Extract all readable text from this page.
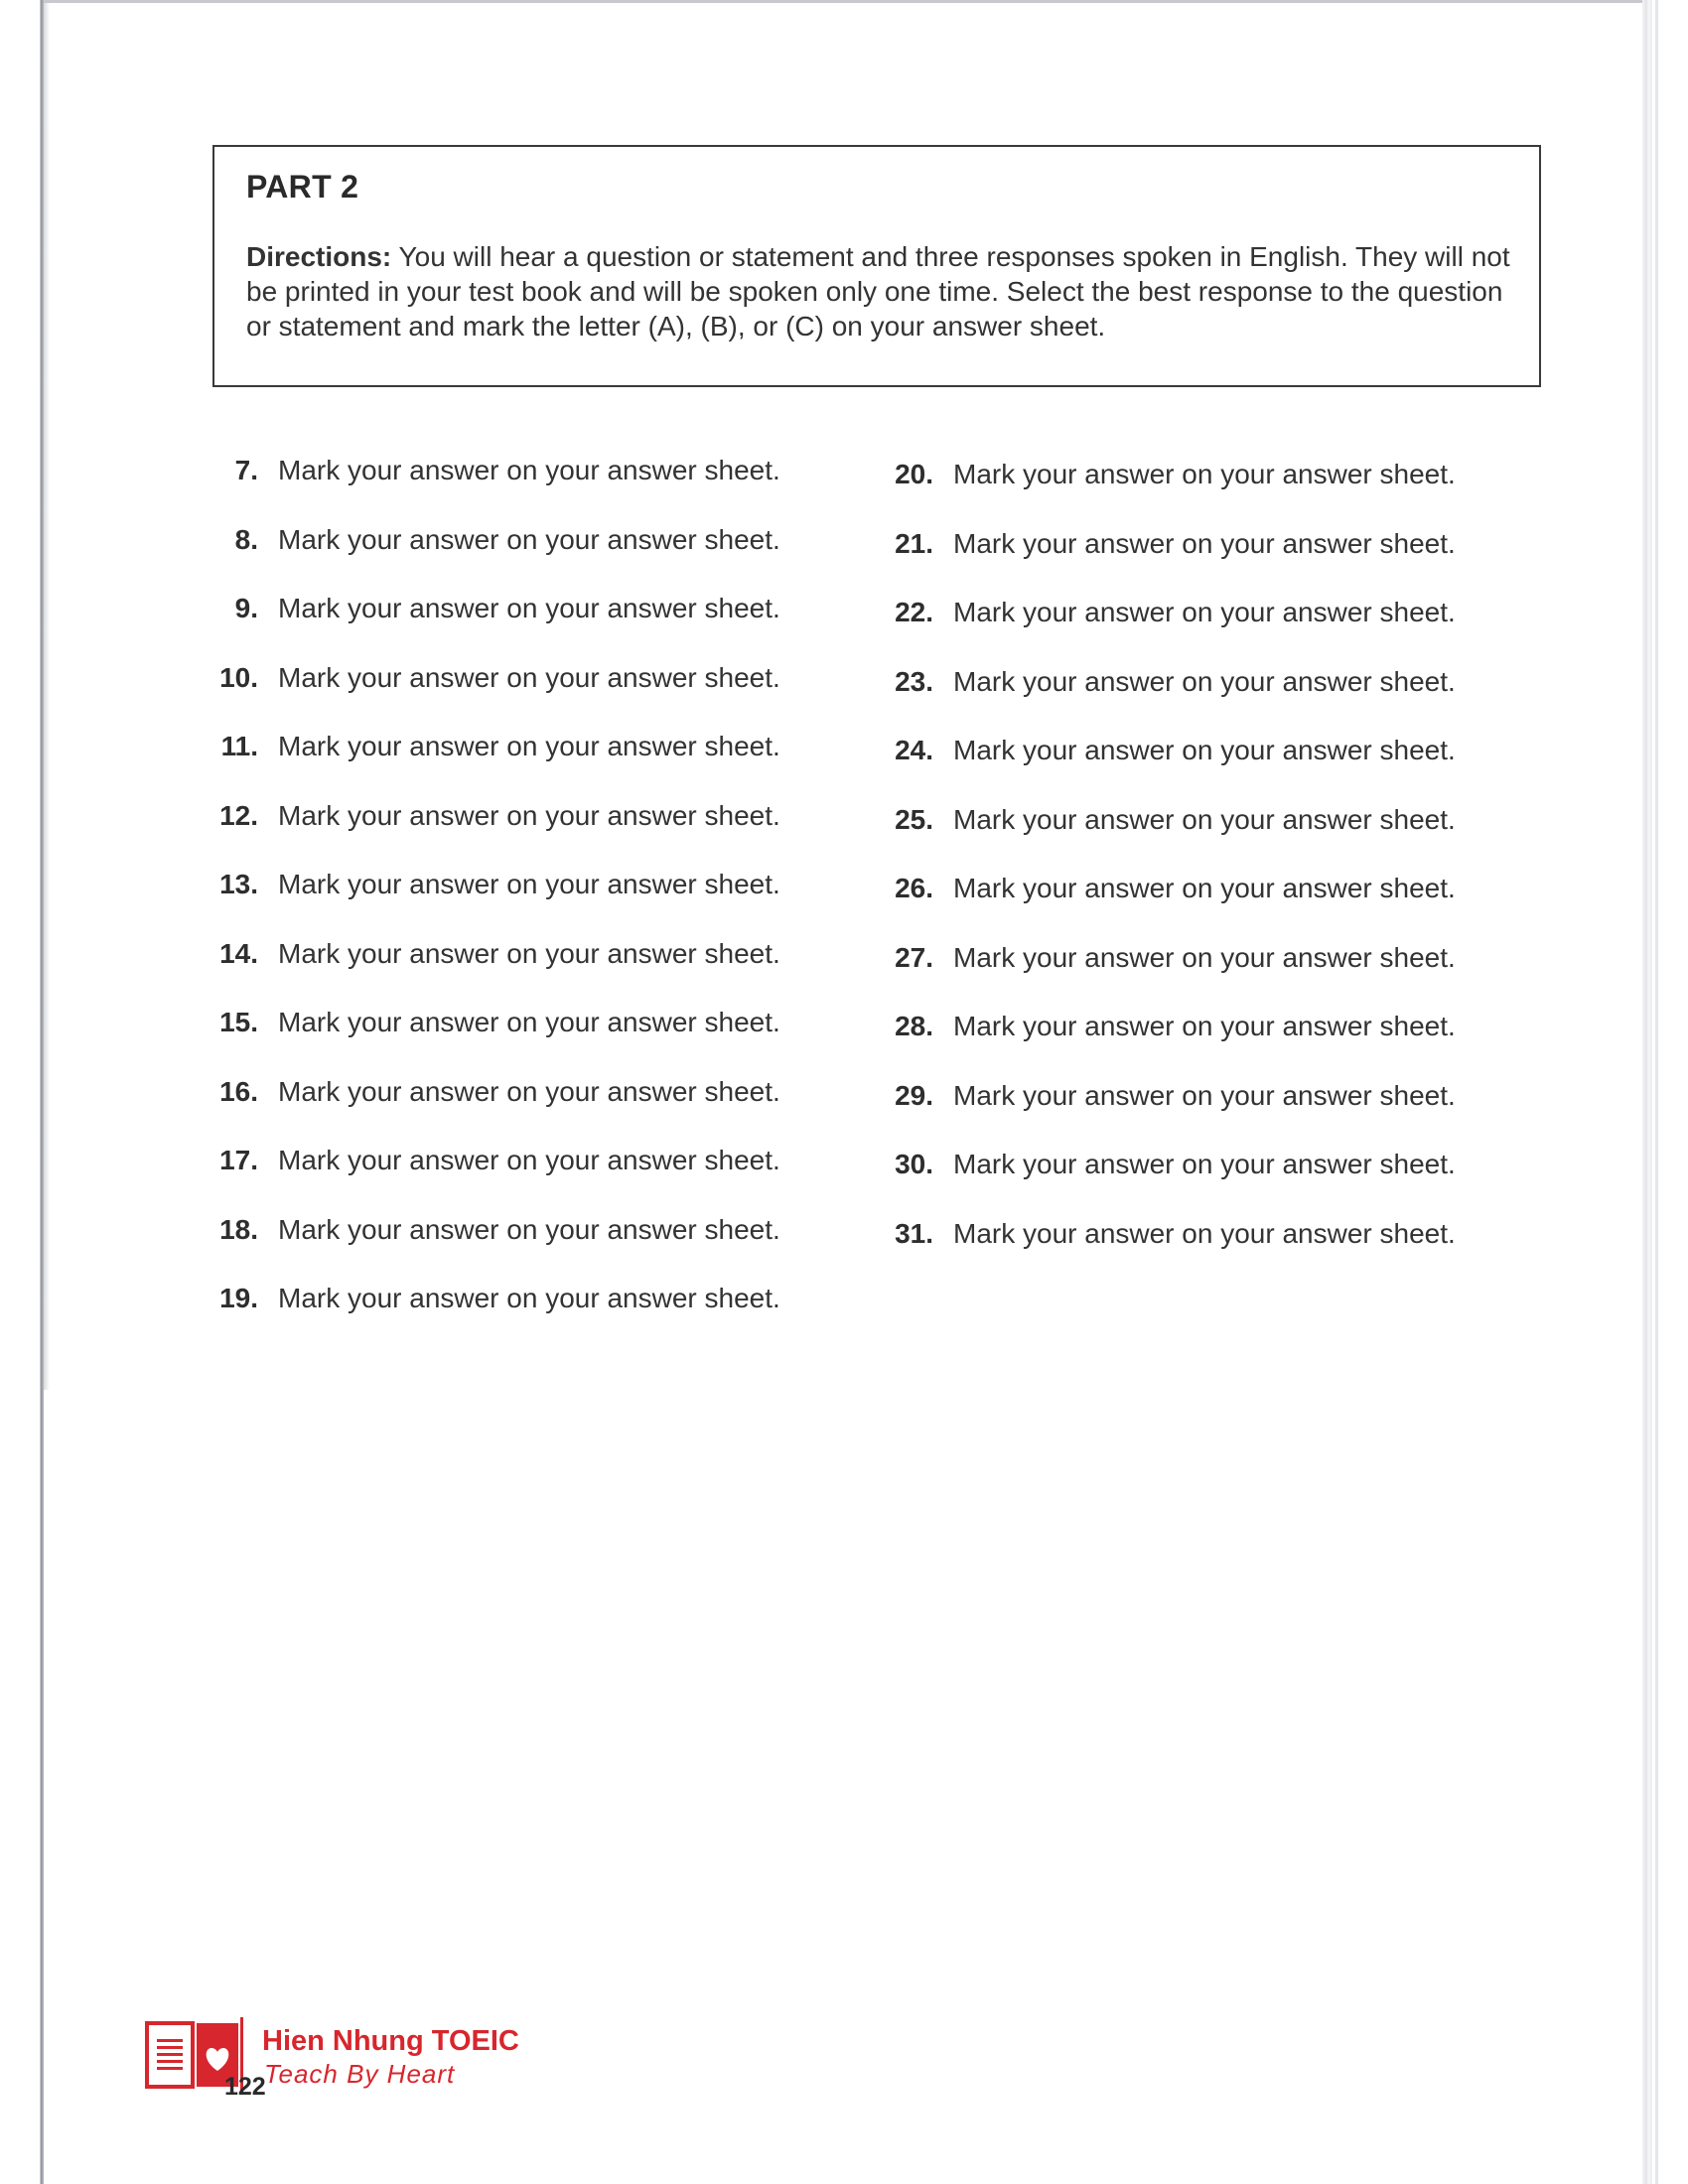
PART 2

Directions: You will hear a question or statement and three responses spoken in English. They will not be printed in your test book and will be spoken only one time. Select the best response to the question or statement and mark the letter (A), (B), or (C) on your answer sheet.

7. Mark your answer on your answer sheet.
8. Mark your answer on your answer sheet.
9. Mark your answer on your answer sheet.
10. Mark your answer on your answer sheet.
11. Mark your answer on your answer sheet.
12. Mark your answer on your answer sheet.
13. Mark your answer on your answer sheet.
14. Mark your answer on your answer sheet.
15. Mark your answer on your answer sheet.
16. Mark your answer on your answer sheet.
17. Mark your answer on your answer sheet.
18. Mark your answer on your answer sheet.
19. Mark your answer on your answer sheet.
20. Mark your answer on your answer sheet.
21. Mark your answer on your answer sheet.
22. Mark your answer on your answer sheet.
23. Mark your answer on your answer sheet.
24. Mark your answer on your answer sheet.
25. Mark your answer on your answer sheet.
26. Mark your answer on your answer sheet.
27. Mark your answer on your answer sheet.
28. Mark your answer on your answer sheet.
29. Mark your answer on your answer sheet.
30. Mark your answer on your answer sheet.
31. Mark your answer on your answer sheet.
Hien Nhung TOEIC
Teach By Heart
122
